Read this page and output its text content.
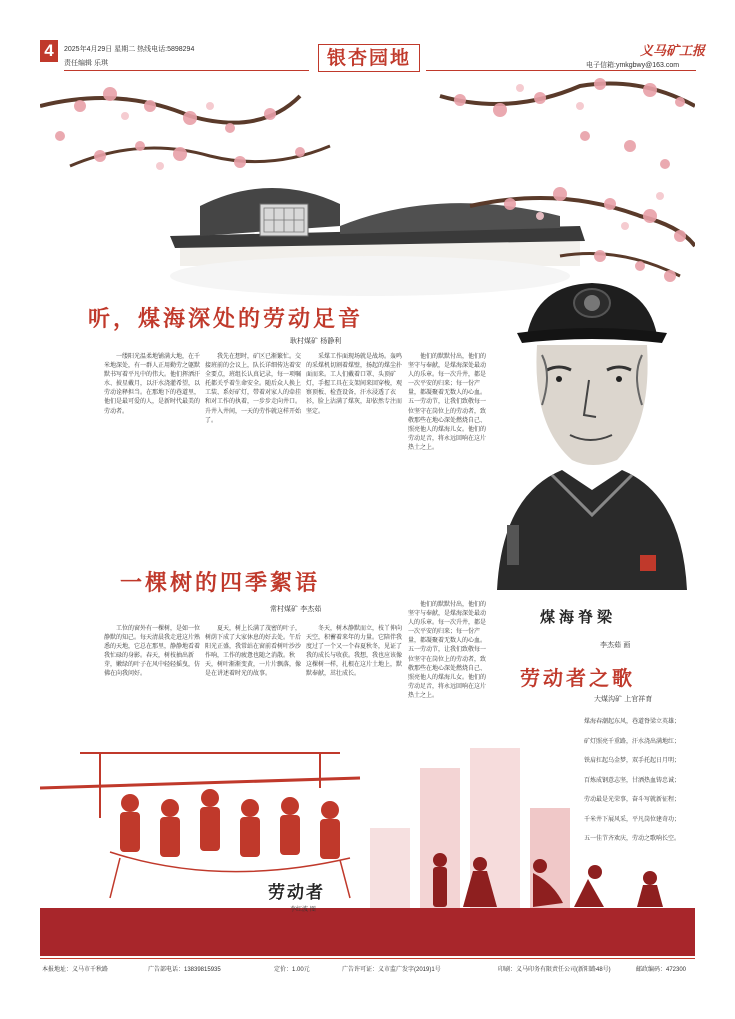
4	2025年4月29日 星期二 热线电话:5898294
责任编辑 乐琪	银杏园地	义马矿工报
电子信箱:ymkgbwy@163.com
听，煤海深处的劳动足音
耿村煤矿 杨静利
一缕阳光温柔地铺满大地，在千米地深处，有一群人正用勤劳之躯默默书写着平凡中的伟大。他们挥洒汗水、披星戴月，以汗水浇灌希望，以劳动诠释担当。在那地下的巷道里，他们是最可爱的人，是新时代最美的劳动者。
我先在想时，矿区已渐繁忙。交接班前的会议上，队长详细传达着安全要点，班组长认真记录，每一项嘱托都关乎着生命安全。随后众人换上工装、系好矿灯，带着对家人的牵挂和对工作的执着，一步步走向井口。升井入井间，一天的劳作就这样开始了。
采煤工作面现场就是战场。轰鸣的采煤机切割着煤壁，扬起的煤尘扑面而来。工人们戴着口罩、头顶矿灯，手握工具在支架间来回穿梭，观察顶板、检查设备，汗水浸透了衣衫，脸上沾满了煤灰，却依然专注而坚定。
他们的默默付出，他们的坚守与奉献，是煤海深处最动人的乐章。每一次升井，都是一次平安的归来；每一份产量，都凝聚着无数人的心血。五一劳动节，让我们致敬每一位坚守在岗位上的劳动者，致敬那些在地心深处燃烧自己、照亮他人的煤海儿女。他们的劳动足音，将永远回响在这片热土之上。
煤海脊梁
李杰茹 画
一棵树的四季絮语
常村煤矿 李杰茹
工位的窗外有一棵树，是如一位静默的知己。每天清晨我走进这片熟悉的天地，它总在那里，静静地看着我忙碌的身影。春天，树枝抽出新芽，嫩绿的叶子在风中轻轻摇曳，仿佛在向我问好。
夏天，树上长满了茂密的叶子，树荫下成了大家休息的好去处。午后阳光正盛，我常站在窗前看树叶沙沙作响，工作的疲惫也随之消散。秋天，树叶渐渐变黄，一片片飘落，像是在讲述着时光的故事。
冬天，树木静默而立，枝丫伸向天空，积蓄着来年的力量。它陪伴我度过了一个又一个春夏秋冬，见证了我的成长与收获。我想，我也应该像这棵树一样，扎根在这片土地上，默默奉献，茁壮成长。
他们的默默付出，他们的坚守与奉献，是煤海深处最动人的乐章。每一次升井，都是一次平安的归来；每一份产量，都凝聚着无数人的心血。五一劳动节，让我们致敬每一位坚守在岗位上的劳动者，致敬那些在地心深处燃烧自己、照亮他人的煤海儿女。他们的劳动足音，将永远回响在这片热土之上。
劳动者之歌
大煤沟矿 上官祥育
煤海春潮起东风，巷道脊梁立英雄；
矿灯照亮千重路，汗水浇出满地红；
铁肩扛起乌金梦，双手托起日月明；
百炼成钢意志坚，甘洒热血铸忠诚；
劳动最是光荣事，奋斗写就新征程；
千米井下展风采，平凡岗位建奇功；
五一佳节齐欢庆，劳动之歌响长空。
劳动者
李红波 图
本报地址：义马市千秋路	广告部电话：13839815935	定价：1.00元	广告许可证：义市监广发字(2019)1号	印刷：义马印务有限责任公司(新阳路48号)	邮政编码：472300
